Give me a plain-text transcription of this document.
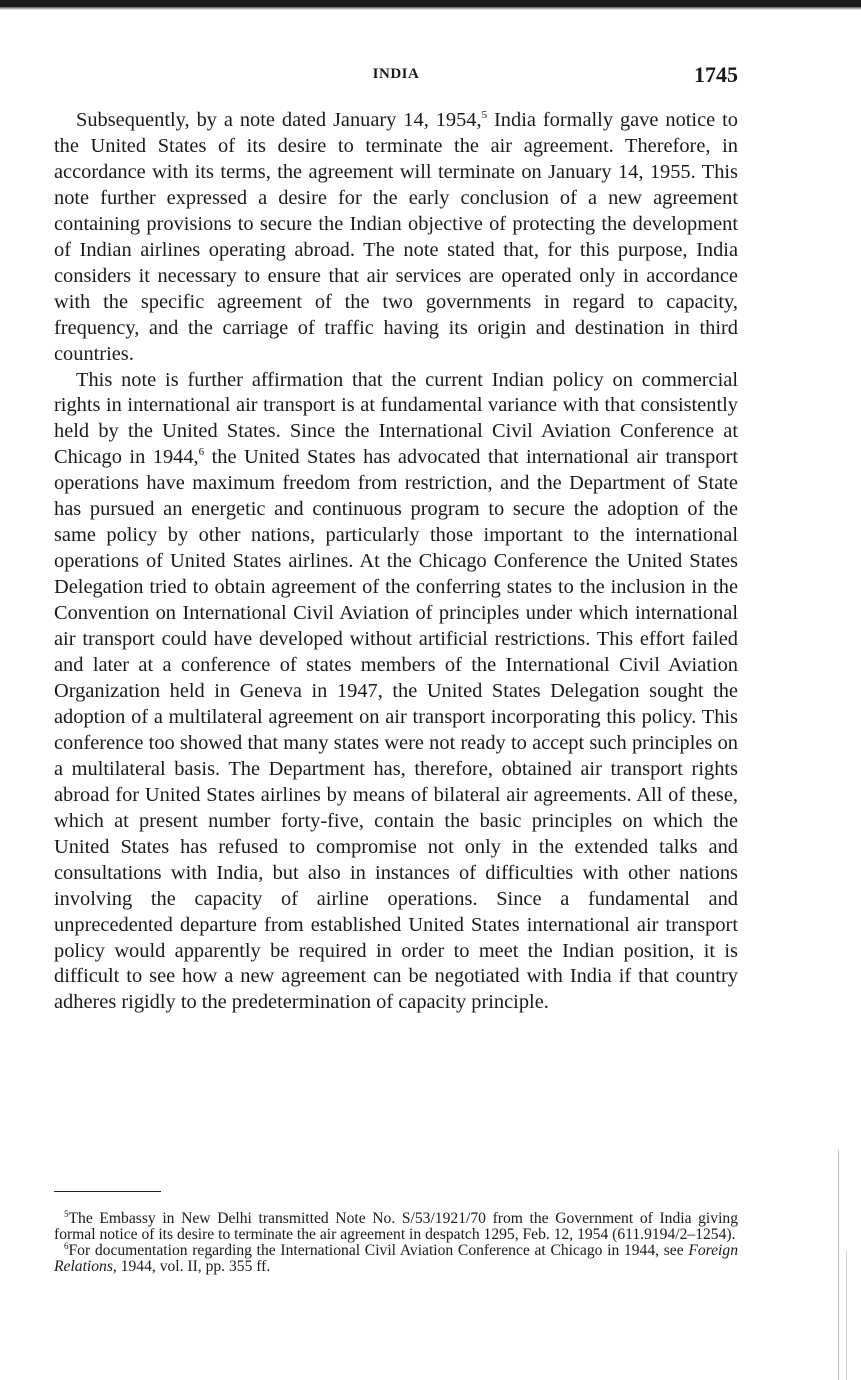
INDIA	1745

Subsequently, by a note dated January 14, 1954,$^5$ India formally gave notice to the United States of its desire to terminate the air agreement. Therefore, in accordance with its terms, the agreement will terminate on January 14, 1955. This note further expressed a desire for the early conclusion of a new agreement containing provisions to secure the Indian objective of protecting the development of Indian airlines operating abroad. The note stated that, for this purpose, India considers it necessary to ensure that air services are operated only in accordance with the specific agreement of the two governments in regard to capacity, frequency, and the carriage of traffic having its origin and destination in third countries.

This note is further affirmation that the current Indian policy on commercial rights in international air transport is at fundamental variance with that consistently held by the United States. Since the International Civil Aviation Conference at Chicago in 1944,$^6$ the United States has advocated that international air transport operations have maximum freedom from restriction, and the Department of State has pursued an energetic and continuous program to secure the adoption of the same policy by other nations, particularly those important to the international operations of United States airlines. At the Chicago Conference the United States Delegation tried to obtain agreement of the conferring states to the inclusion in the Convention on International Civil Aviation of principles under which international air transport could have developed without artificial restrictions. This effort failed and later at a conference of states members of the International Civil Aviation Organization held in Geneva in 1947, the United States Delegation sought the adoption of a multilateral agreement on air transport incorporating this policy. This conference too showed that many states were not ready to accept such principles on a multilateral basis. The Department has, therefore, obtained air transport rights abroad for United States airlines by means of bilateral air agreements. All of these, which at present number forty-five, contain the basic principles on which the United States has refused to compromise not only in the extended talks and consultations with India, but also in instances of difficulties with other nations involving the capacity of airline operations. Since a fundamental and unprecedented departure from established United States international air transport policy would apparently be required in order to meet the Indian position, it is difficult to see how a new agreement can be negotiated with India if that country adheres rigidly to the predetermination of capacity principle.

$^5$The Embassy in New Delhi transmitted Note No. S/53/1921/70 from the Government of India giving formal notice of its desire to terminate the air agreement in despatch 1295, Feb. 12, 1954 (611.9194/2–1254).

$^6$For documentation regarding the International Civil Aviation Conference at Chicago in 1944, see Foreign Relations, 1944, vol. II, pp. 355 ff.
